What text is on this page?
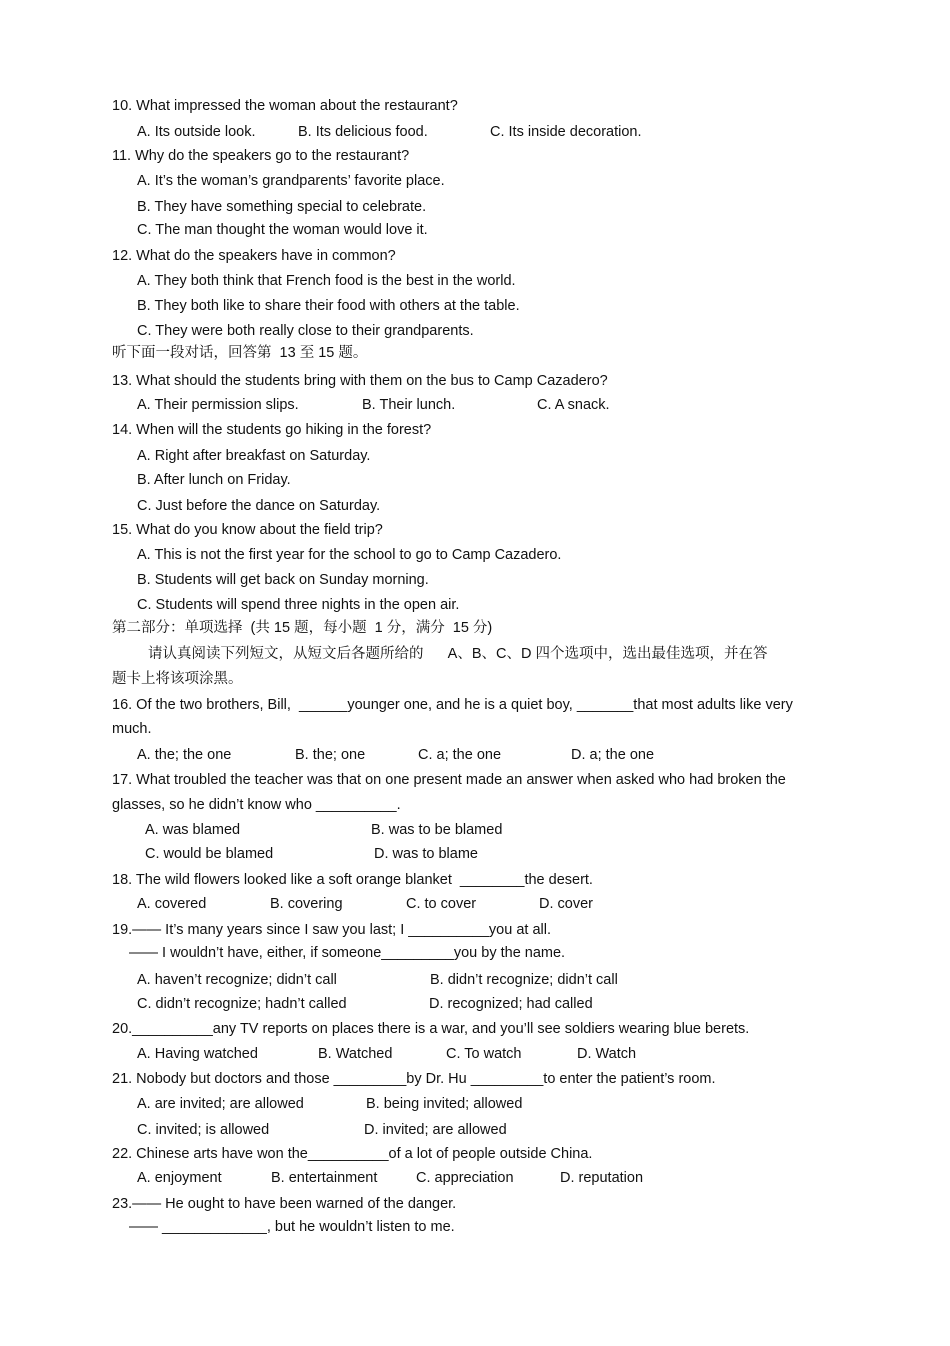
10. What impressed the woman about the restaurant?
A. Its outside look.	B. Its delicious food.	C. Its inside decoration.
11. Why do the speakers go to the restaurant?
A. It’s the woman’s grandparents’ favorite place.
B. They have something special to celebrate.
C. The man thought the woman would love it.
12. What do the speakers have in common?
A. They both think that French food is the best in the world.
B. They both like to share their food with others at the table.
C. They were both really close to their grandparents.
听下面一段对话，回答第  13 至 15 题。
13. What should the students bring with them on the bus to Camp Cazadero?
A. Their permission slips.	B. Their lunch.	C. A snack.
14. When will the students go hiking in the forest?
A. Right after breakfast on Saturday.
B. After lunch on Friday.
C. Just before the dance on Saturday.
15. What do you know about the field trip?
A. This is not the first year for the school to go to Camp Cazadero.
B. Students will get back on Sunday morning.
C. Students will spend three nights in the open air.
第二部分：单项选择  (共 15 题，每小题  1 分，满分  15 分)
请认真阅读下列短文，从短文后各题所给的      A、B、C、D 四个选项中，选出最佳选项，并在答
题卡上将该项涂黑。
16. Of the two brothers, Bill,  ______younger one, and he is a quiet boy, _______that most adults like very
much.
A. the; the one	B. the; one	C. a; the one	D. a; the one
17. What troubled the teacher was that on one present made an answer when asked who had broken the
glasses, so he didn’t know who __________.
A. was blamed	B. was to be blamed
C. would be blamed	D. was to blame
18. The wild flowers looked like a soft orange blanket  ________the desert.
A. covered	B. covering	C. to cover	D. cover
19.—— It’s many years since I saw you last; I __________you at all.
—— I wouldn’t have, either, if someone_________you by the name.
A. haven’t recognize; didn’t call	B. didn’t recognize; didn’t call
C. didn’t recognize; hadn’t called	D. recognized; had called
20.__________any TV reports on places there is a war, and you’ll see soldiers wearing blue berets.
A. Having watched	B. Watched	C. To watch	D. Watch
21. Nobody but doctors and those _________by Dr. Hu _________to enter the patient’s room.
A. are invited; are allowed	B. being invited; allowed
C. invited; is allowed	D. invited; are allowed
22. Chinese arts have won the__________of a lot of people outside China.
A. enjoyment	B. entertainment	C. appreciation	D. reputation
23.—— He ought to have been warned of the danger.
—— _____________, but he wouldn’t listen to me.
